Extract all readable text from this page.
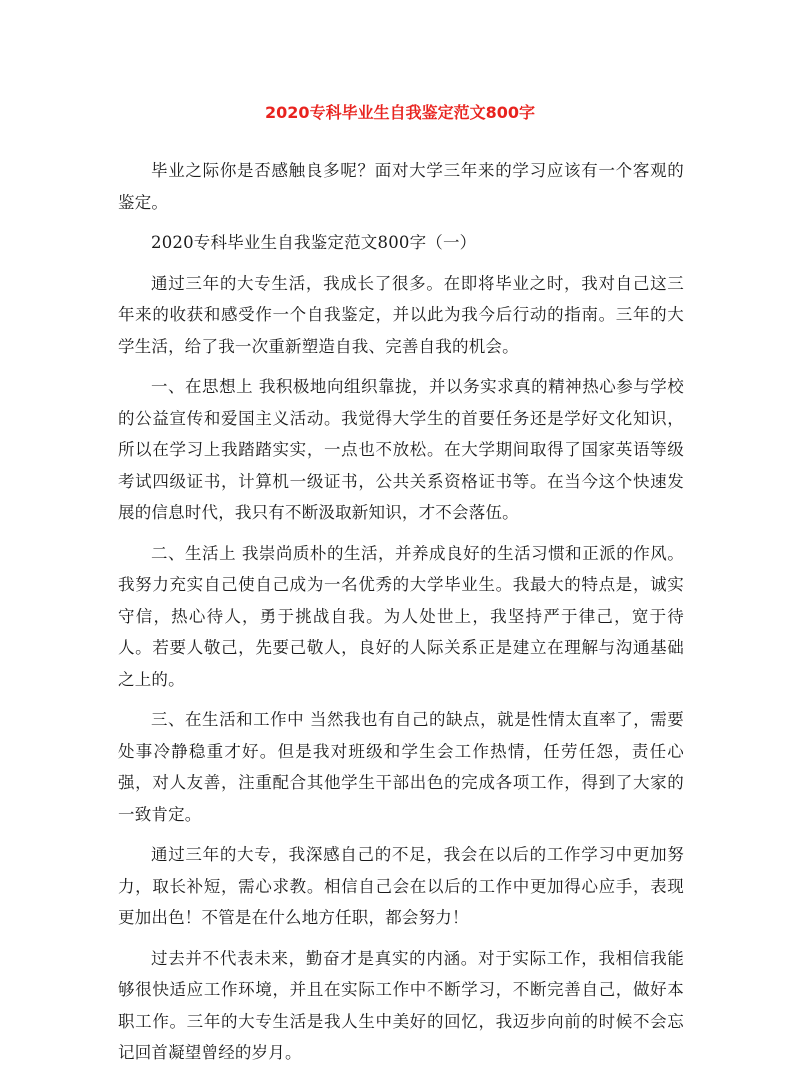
2020专科毕业生自我鉴定范文800字

毕业之际你是否感触良多呢？面对大学三年来的学习应该有一个客观的鉴定。

2020专科毕业生自我鉴定范文800字（一）

通过三年的大专生活，我成长了很多。在即将毕业之时，我对自己这三年来的收获和感受作一个自我鉴定，并以此为我今后行动的指南。三年的大学生活，给了我一次重新塑造自我、完善自我的机会。

一、在思想上 我积极地向组织靠拢，并以务实求真的精神热心参与学校的公益宣传和爱国主义活动。我觉得大学生的首要任务还是学好文化知识，所以在学习上我踏踏实实，一点也不放松。在大学期间取得了国家英语等级考试四级证书，计算机一级证书，公共关系资格证书等。在当今这个快速发展的信息时代，我只有不断汲取新知识，才不会落伍。

二、生活上 我崇尚质朴的生活，并养成良好的生活习惯和正派的作风。我努力充实自己使自己成为一名优秀的大学毕业生。我最大的特点是，诚实守信，热心待人，勇于挑战自我。为人处世上，我坚持严于律己，宽于待人。若要人敬己，先要己敬人，良好的人际关系正是建立在理解与沟通基础之上的。

三、在生活和工作中 当然我也有自己的缺点，就是性情太直率了，需要处事冷静稳重才好。但是我对班级和学生会工作热情，任劳任怨，责任心强，对人友善，注重配合其他学生干部出色的完成各项工作，得到了大家的一致肯定。

通过三年的大专，我深感自己的不足，我会在以后的工作学习中更加努力，取长补短，需心求教。相信自己会在以后的工作中更加得心应手，表现更加出色！不管是在什么地方任职，都会努力！

过去并不代表未来，勤奋才是真实的内涵。对于实际工作，我相信我能够很快适应工作环境，并且在实际工作中不断学习，不断完善自己，做好本职工作。三年的大专生活是我人生中美好的回忆，我迈步向前的时候不会忘记回首凝望曾经的岁月。
